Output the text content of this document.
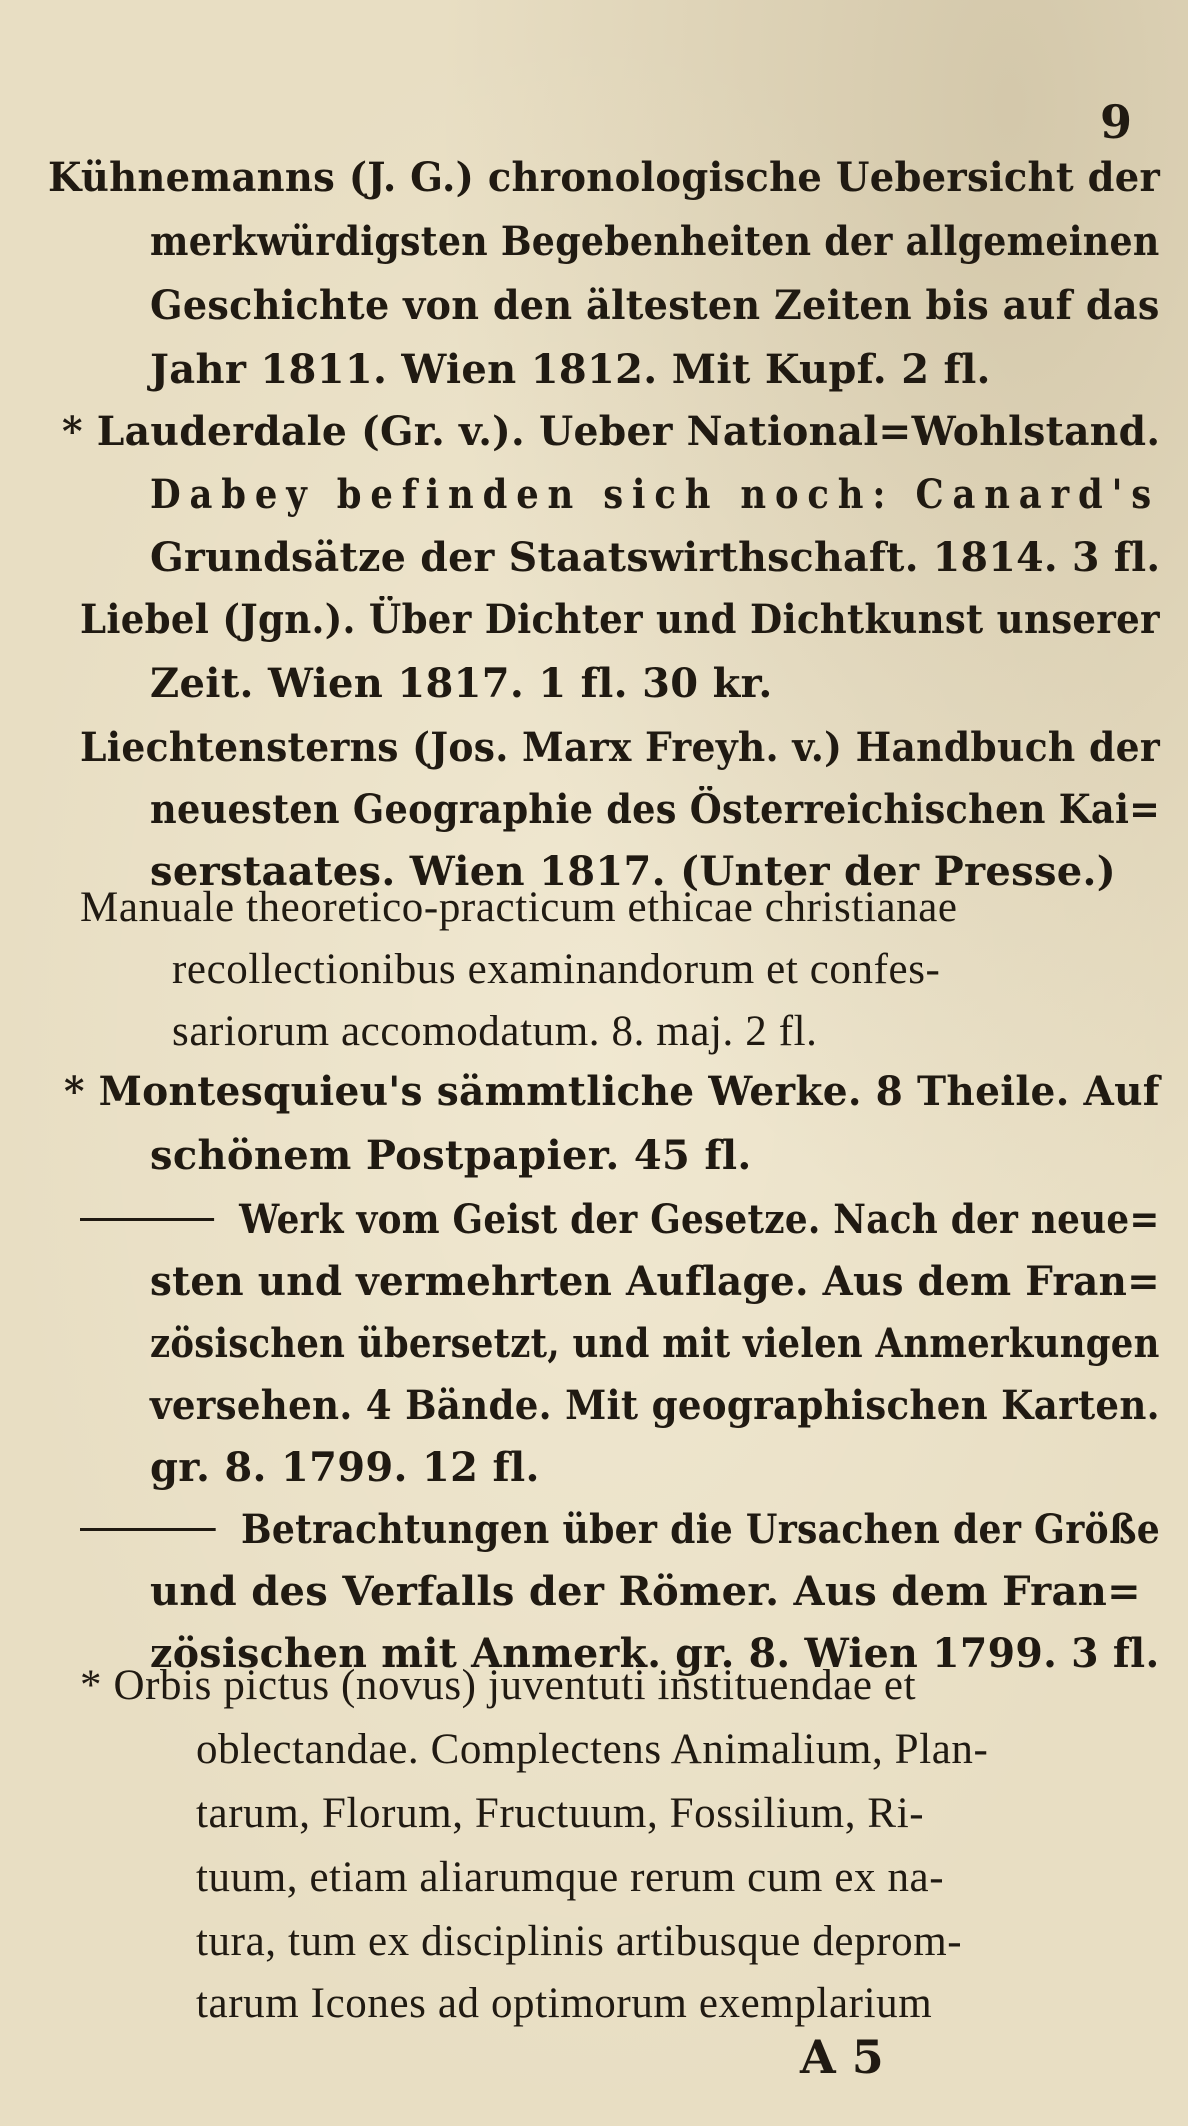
9
Kühnemanns (J. G.) chronologische Uebersicht der
merkwürdigsten Begebenheiten der allgemeinen
Geschichte von den ältesten Zeiten bis auf das
Jahr 1811. Wien 1812. Mit Kupf. 2 fl.
* Lauderdale (Gr. v.). Ueber National=Wohlstand.
Dabey befinden sich noch: Canard's
Grundsätze der Staatswirthschaft. 1814. 3 fl.
Liebel (Jgn.). Über Dichter und Dichtkunst unserer
Zeit. Wien 1817. 1 fl. 30 kr.
Liechtensterns (Jos. Marx Freyh. v.) Handbuch der
neuesten Geographie des Österreichischen Kai=
serstaates. Wien 1817. (Unter der Presse.)
Manuale theoretico-practicum ethicae christianae
recollectionibus examinandorum et confes-
sariorum accomodatum. 8. maj. 2 fl.
* Montesquieu's sämmtliche Werke. 8 Theile. Auf
schönem Postpapier. 45 fl.
Werk vom Geist der Gesetze. Nach der neue=
sten und vermehrten Auflage. Aus dem Fran=
zösischen übersetzt, und mit vielen Anmerkungen
versehen. 4 Bände. Mit geographischen Karten.
gr. 8. 1799. 12 fl.
Betrachtungen über die Ursachen der Größe
und des Verfalls der Römer. Aus dem Fran=
zösischen mit Anmerk. gr. 8. Wien 1799. 3 fl.
* Orbis pictus (novus) juventuti instituendae et
oblectandae. Complectens Animalium, Plan-
tarum, Florum, Fructuum, Fossilium, Ri-
tuum, etiam aliarumque rerum cum ex na-
tura, tum ex disciplinis artibusque deprom-
tarum Icones ad optimorum exemplarium
A 5
